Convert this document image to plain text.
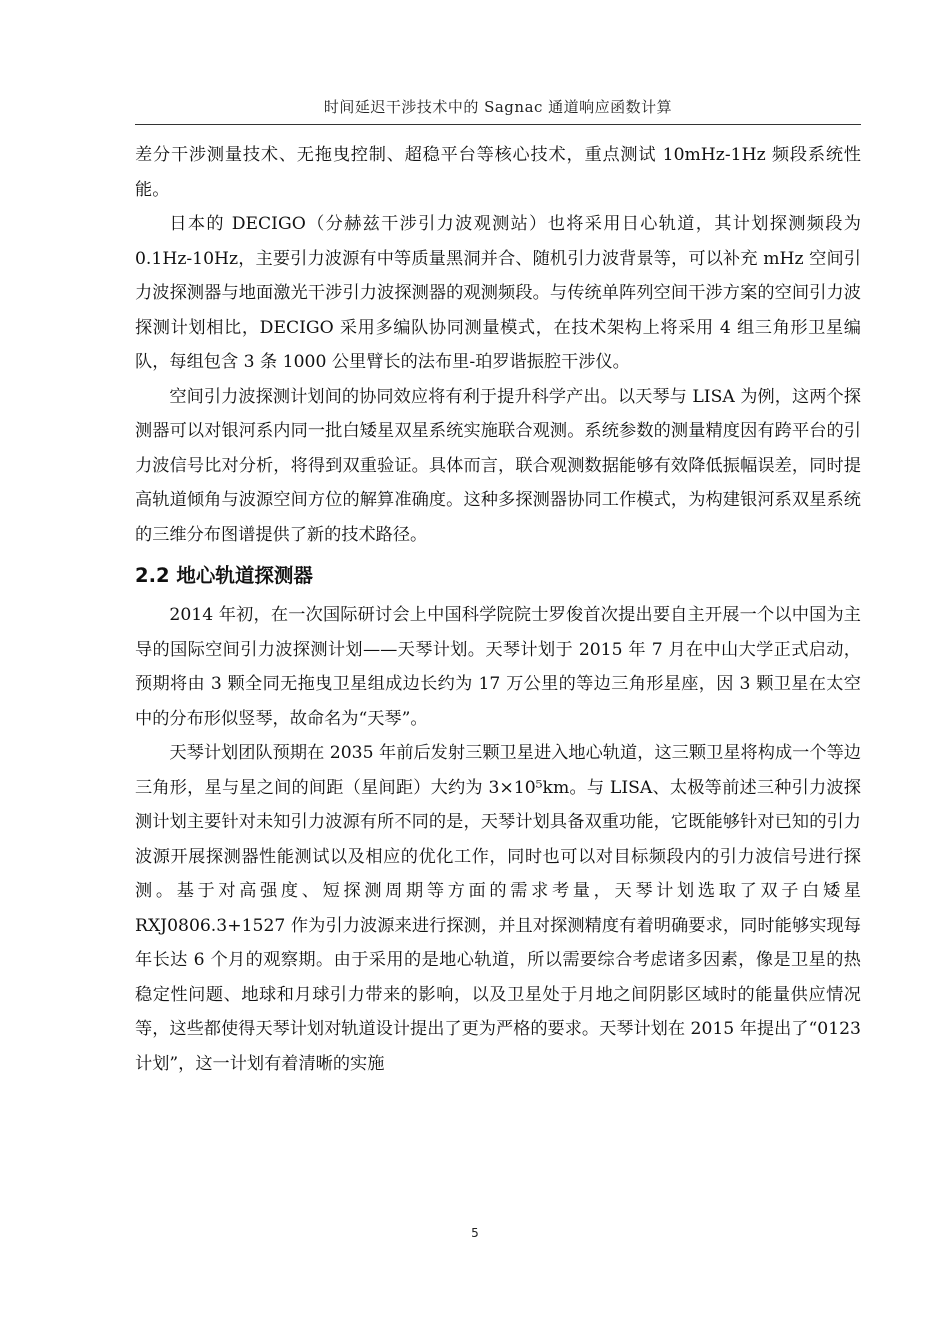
时间延迟干涉技术中的 Sagnac 通道响应函数计算

差分干涉测量技术、无拖曳控制、超稳平台等核心技术，重点测试 10mHz-1Hz 频段系统性能。

日本的 DECIGO（分赫兹干涉引力波观测站）也将采用日心轨道，其计划探测频段为 0.1Hz-10Hz，主要引力波源有中等质量黑洞并合、随机引力波背景等，可以补充 mHz 空间引力波探测器与地面激光干涉引力波探测器的观测频段。与传统单阵列空间干涉方案的空间引力波探测计划相比，DECIGO 采用多编队协同测量模式，在技术架构上将采用 4 组三角形卫星编队，每组包含 3 条 1000 公里臂长的法布里-珀罗谐振腔干涉仪。

空间引力波探测计划间的协同效应将有利于提升科学产出。以天琴与 LISA 为例，这两个探测器可以对银河系内同一批白矮星双星系统实施联合观测。系统参数的测量精度因有跨平台的引力波信号比对分析，将得到双重验证。具体而言，联合观测数据能够有效降低振幅误差，同时提高轨道倾角与波源空间方位的解算准确度。这种多探测器协同工作模式，为构建银河系双星系统的三维分布图谱提供了新的技术路径。

2.2 地心轨道探测器

2014 年初，在一次国际研讨会上中国科学院院士罗俊首次提出要自主开展一个以中国为主导的国际空间引力波探测计划——天琴计划。天琴计划于 2015 年 7 月在中山大学正式启动，预期将由 3 颗全同无拖曳卫星组成边长约为 17 万公里的等边三角形星座，因 3 颗卫星在太空中的分布形似竖琴，故命名为“天琴”。

天琴计划团队预期在 2035 年前后发射三颗卫星进入地心轨道，这三颗卫星将构成一个等边三角形，星与星之间的间距（星间距）大约为 3×10⁵km。与 LISA、太极等前述三种引力波探测计划主要针对未知引力波源有所不同的是，天琴计划具备双重功能，它既能够针对已知的引力波源开展探测器性能测试以及相应的优化工作，同时也可以对目标频段内的引力波信号进行探测。基于对高强度、短探测周期等方面的需求考量，天琴计划选取了双子白矮星 RXJ0806.3+1527 作为引力波源来进行探测，并且对探测精度有着明确要求，同时能够实现每年长达 6 个月的观察期。由于采用的是地心轨道，所以需要综合考虑诸多因素，像是卫星的热稳定性问题、地球和月球引力带来的影响，以及卫星处于月地之间阴影区域时的能量供应情况等，这些都使得天琴计划对轨道设计提出了更为严格的要求。天琴计划在 2015 年提出了“0123 计划”，这一计划有着清晰的实施

5
